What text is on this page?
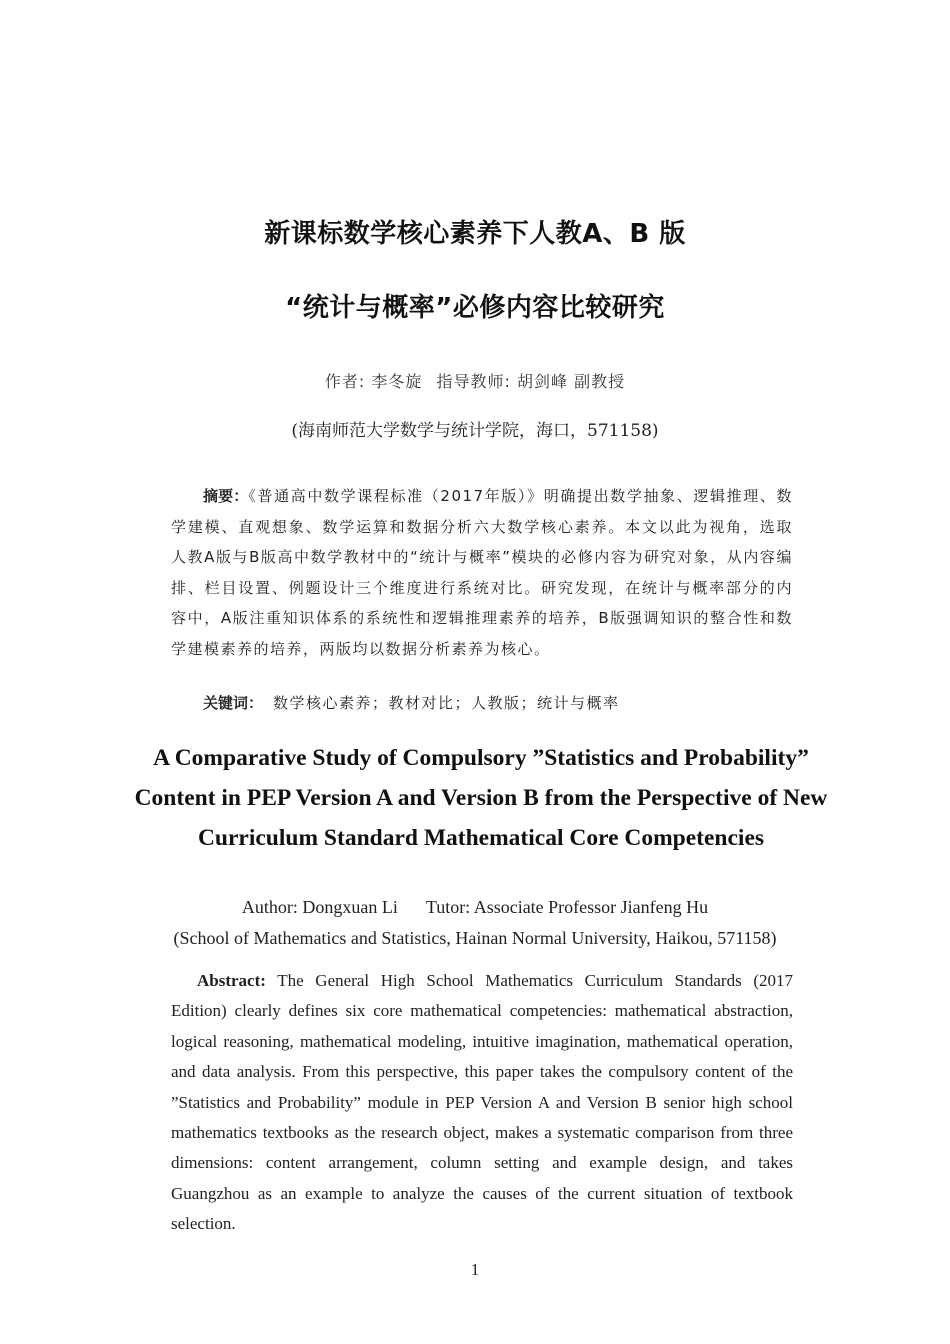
新课标数学核心素养下人教A、B 版
“统计与概率”必修内容比较研究
作者: 李冬旋 指导教师: 胡剑峰 副教授
(海南师范大学数学与统计学院，海口，571158)
摘要：《普通高中数学课程标准（2017年版）》明确提出数学抽象、逻辑推理、数学建模、直观想象、数学运算和数据分析六大数学核心素养。本文以此为视角，选取人教A版与B版高中数学教材中的“统计与概率”模块的必修内容为研究对象，从内容编排、栏目设置、例题设计三个维度进行系统对比。研究发现，在统计与概率部分的内容中，A版注重知识体系的系统性和逻辑推理素养的培养，B版强调知识的整合性和数学建模素养的培养，两版均以数据分析素养为核心。
关键词： 数学核心素养；教材对比；人教版；统计与概率
A Comparative Study of Compulsory ”Statistics and Probability” Content in PEP Version A and Version B from the Perspective of New Curriculum Standard Mathematical Core Competencies
Author: Dongxuan Li Tutor: Associate Professor Jianfeng Hu
(School of Mathematics and Statistics, Hainan Normal University, Haikou, 571158)
Abstract: The General High School Mathematics Curriculum Standards (2017 Edition) clearly defines six core mathematical competencies: mathematical abstraction, logical reasoning, mathematical modeling, intuitive imagination, mathematical operation, and data analysis. From this perspective, this paper takes the compulsory content of the ”Statistics and Probability” module in PEP Version A and Version B senior high school mathematics textbooks as the research object, makes a systematic comparison from three dimensions: content arrangement, column setting and example design, and takes Guangzhou as an example to analyze the causes of the current situation of textbook selection.
1
